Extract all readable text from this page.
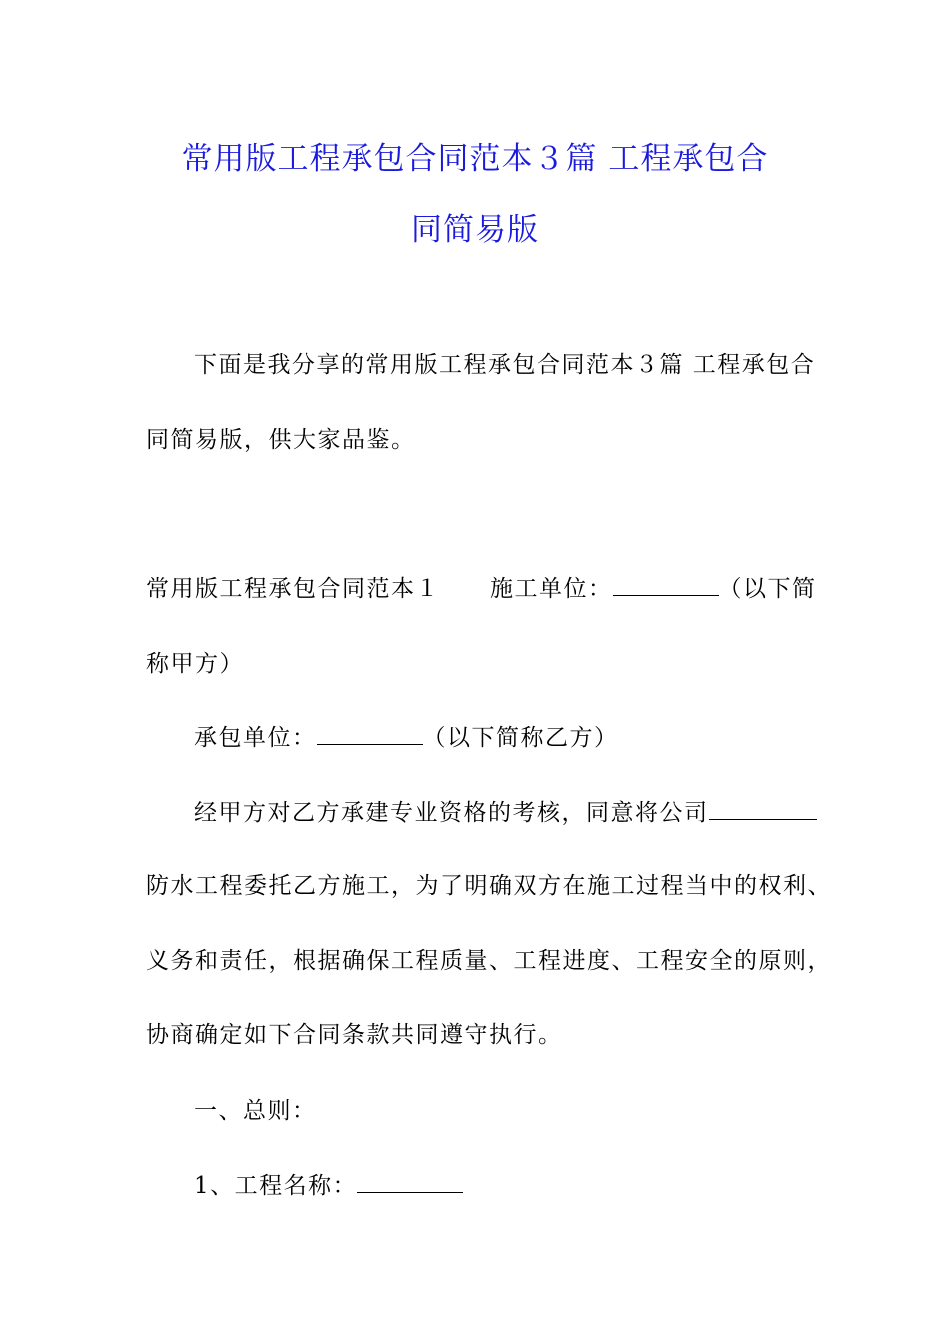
常用版工程承包合同范本３篇 工程承包合
同简易版
下面是我分享的常用版工程承包合同范本３篇 工程承包合
同简易版，供大家品鉴。
常用版工程承包合同范本１ 施工单位：	（以下简
称甲方）
承包单位：	（以下简称乙方）
经甲方对乙方承建专业资格的考核，同意将公司
防水工程委托乙方施工，为了明确双方在施工过程当中的权利、
义务和责任，根据确保工程质量、工程进度、工程安全的原则，
协商确定如下合同条款共同遵守执行。
一、总则：
1、工程名称：
